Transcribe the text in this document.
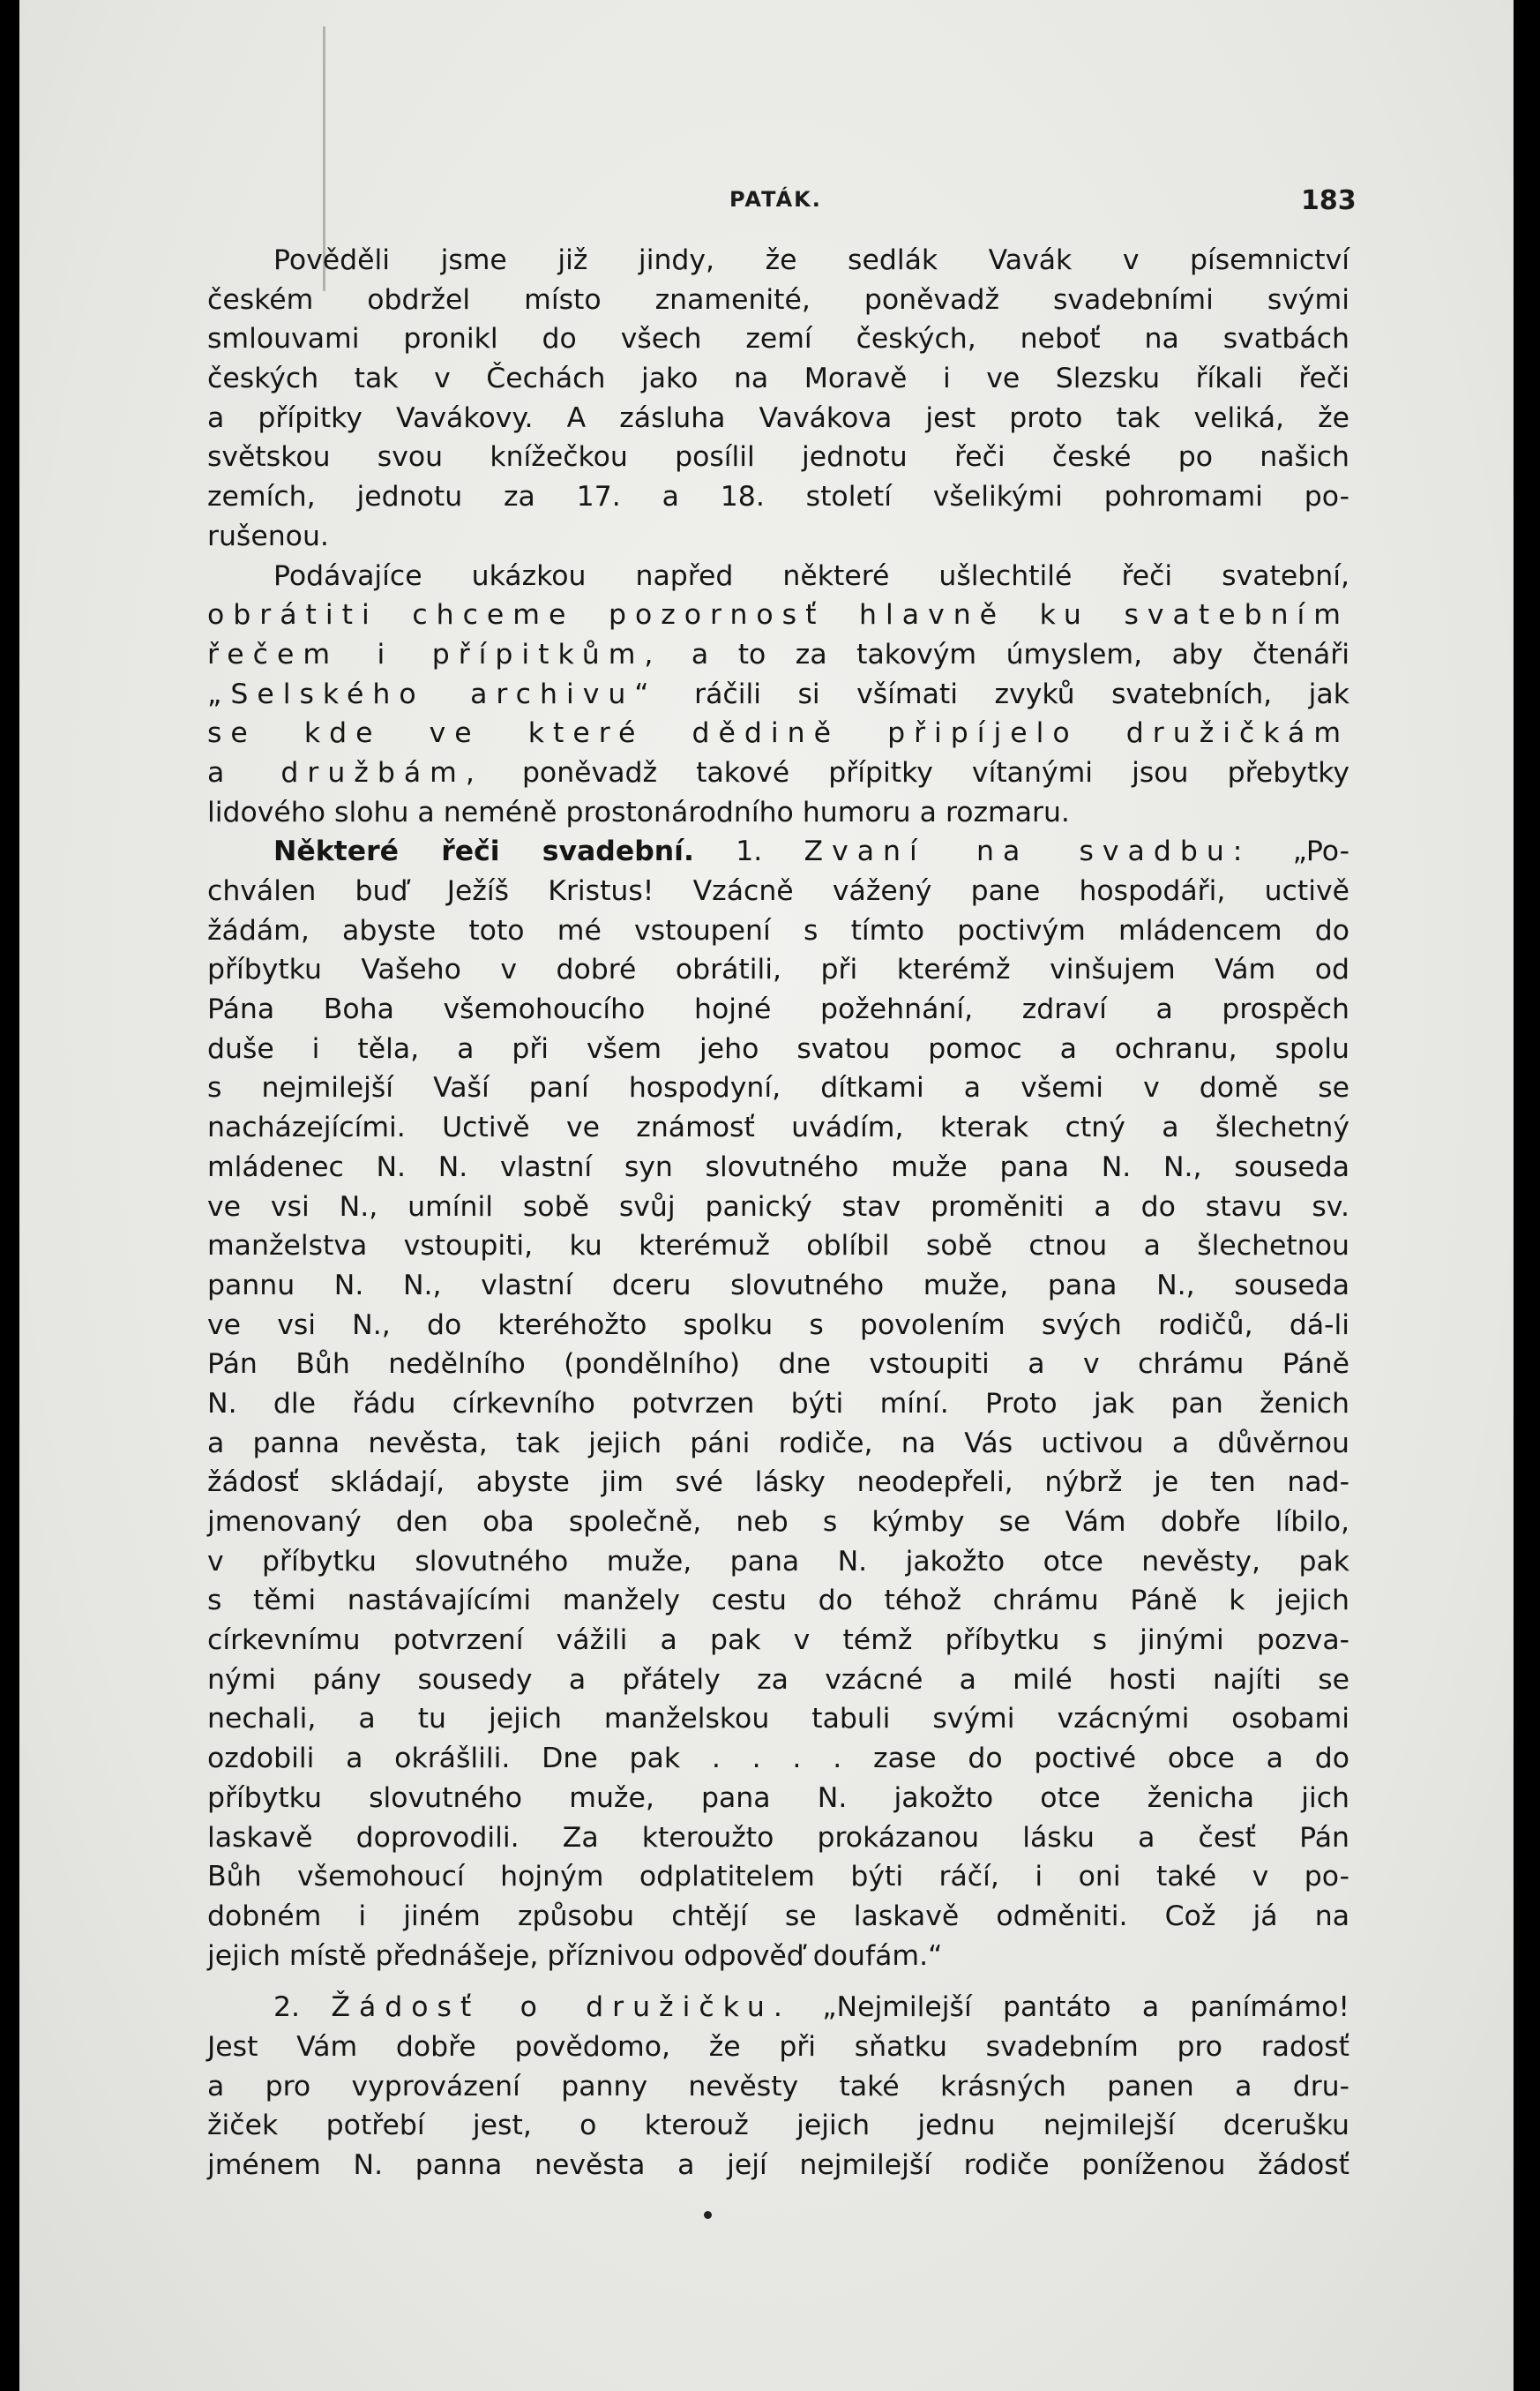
PATÁK.	183
Pověděli jsme již jindy, že sedlák Vavák v písemnictví
českém obdržel místo znamenité, poněvadž svadebními svými
smlouvami pronikl do všech zemí českých, neboť na svatbách
českých tak v Čechách jako na Moravě i ve Slezsku říkali řeči
a přípitky Vavákovy. A zásluha Vavákova jest proto tak veliká, že
světskou svou knížečkou posílil jednotu řeči české po našich
zemích, jednotu za 17. a 18. století všelikými pohromami po-
rušenou.
Podávajíce ukázkou napřed některé ušlechtilé řeči svatební,
obrátiti chceme pozornosť hlavně ku svatebním
řečem i přípitkům, a to za takovým úmyslem, aby čtenáři
„Selského archivu“ ráčili si všímati zvyků svatebních, jak
se kde ve které dědině připíjelo družičkám
a družbám, poněvadž takové přípitky vítanými jsou přebytky
lidového slohu a neméně prostonárodního humoru a rozmaru.
Některé řeči svadební. 1. Zvaní na svadbu: „Po-
chválen buď Ježíš Kristus! Vzácně vážený pane hospodáři, uctivě
žádám, abyste toto mé vstoupení s tímto poctivým mládencem do
příbytku Vašeho v dobré obrátili, při kterémž vinšujem Vám od
Pána Boha všemohoucího hojné požehnání, zdraví a prospěch
duše i těla, a při všem jeho svatou pomoc a ochranu, spolu
s nejmilejší Vaší paní hospodyní, dítkami a všemi v domě se
nacházejícími. Uctivě ve známosť uvádím, kterak ctný a šlechetný
mládenec N. N. vlastní syn slovutného muže pana N. N., souseda
ve vsi N., umínil sobě svůj panický stav proměniti a do stavu sv.
manželstva vstoupiti, ku kterémuž oblíbil sobě ctnou a šlechetnou
pannu N. N., vlastní dceru slovutného muže, pana N., souseda
ve vsi N., do kteréhožto spolku s povolením svých rodičů, dá-li
Pán Bůh nedělního (pondělního) dne vstoupiti a v chrámu Páně
N. dle řádu církevního potvrzen býti míní. Proto jak pan ženich
a panna nevěsta, tak jejich páni rodiče, na Vás uctivou a důvěrnou
žádosť skládají, abyste jim své lásky neodepřeli, nýbrž je ten nad-
jmenovaný den oba společně, neb s kýmby se Vám dobře líbilo,
v příbytku slovutného muže, pana N. jakožto otce nevěsty, pak
s těmi nastávajícími manžely cestu do téhož chrámu Páně k jejich
církevnímu potvrzení vážili a pak v témž příbytku s jinými pozva-
nými pány sousedy a přátely za vzácné a milé hosti najíti se
nechali, a tu jejich manželskou tabuli svými vzácnými osobami
ozdobili a okrášlili. Dne pak . . . . zase do poctivé obce a do
příbytku slovutného muže, pana N. jakožto otce ženicha jich
laskavě doprovodili. Za kteroužto prokázanou lásku a česť Pán
Bůh všemohoucí hojným odplatitelem býti ráčí, i oni také v po-
dobném i jiném způsobu chtějí se laskavě odměniti. Což já na
jejich místě přednášeje, příznivou odpověď doufám.“
2. Žádosť o družičku. „Nejmilejší pantáto a panímámo!
Jest Vám dobře povědomo, že při sňatku svadebním pro radosť
a pro vyprovázení panny nevěsty také krásných panen a dru-
žiček potřebí jest, o kterouž jejich jednu nejmilejší dcerušku
jménem N. panna nevěsta a její nejmilejší rodiče poníženou žádosť
